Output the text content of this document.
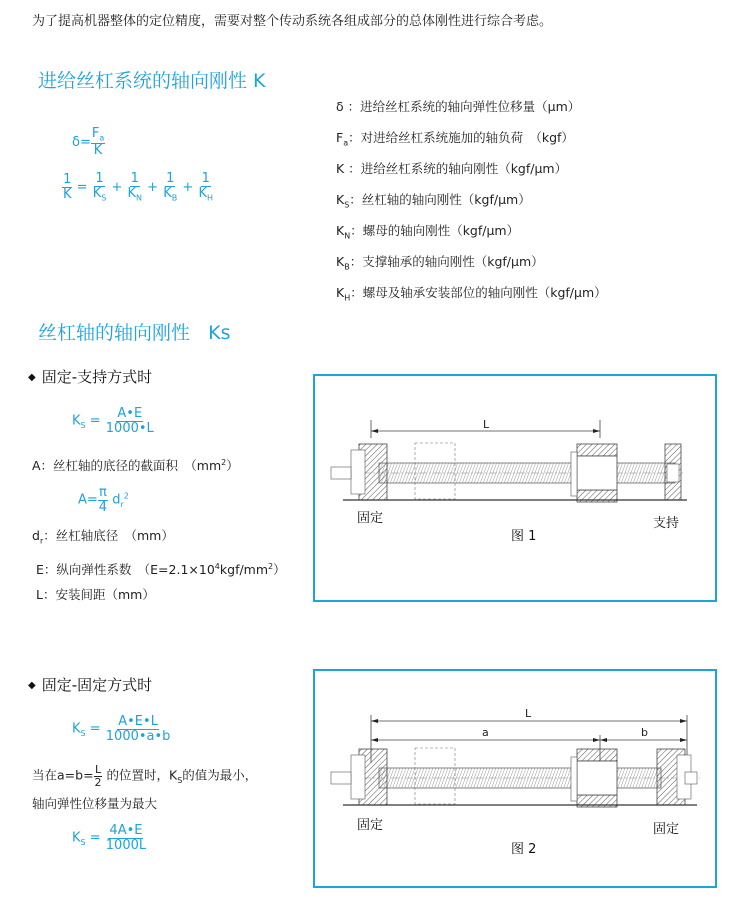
为了提高机器整体的定位精度，需要对整个传动系统各组成部分的总体刚性进行综合考虑。
进给丝杠系统的轴向刚性 K
$\delta= \frac{F_a}{K}$
$\frac{1}{K} = \frac{1}{K_S} + \frac{1}{K_N} + \frac{1}{K_B} + \frac{1}{K_H}$
δ ：进给丝杠系统的轴向弹性位移量（μm）
$F_a$：对进给丝杠系统施加的轴负荷　（kgf）
K ：进给丝杠系统的轴向刚性（kgf/μm）
$K_S$：丝杠轴的轴向刚性（kgf/μm）
$K_N$：螺母的轴向刚性（kgf/μm）
$K_B$：支撑轴承的轴向刚性（kgf/μm）
$K_H$：螺母及轴承安装部位的轴向刚性（kgf/μm）
丝杠轴的轴向刚性 Ks
◆ 固定-支持方式时
$K_S = \frac{A•E}{1000•L}$
A：丝杠轴的底径的截面积　$(mm^2)$
$A= \frac{\pi}{4} d_r^2$
$d_r$：丝杠轴底径　（mm）
E：纵向弹性系数　$(E=2.1\times 10^4kgf/mm^2)$
L：安装间距（mm）
L
固定	支持
图 1
◆ 固定-固定方式时
$K_S = \frac{A•E•L}{1000•a•b}$
当在$a=b= \frac{L}{2}$ 的位置时，$K_S$的值为最小，
轴向弹性位移量为最大
$K_S = \frac{4A•E}{1000L}$
L
a	b
固定	固定
图 2
